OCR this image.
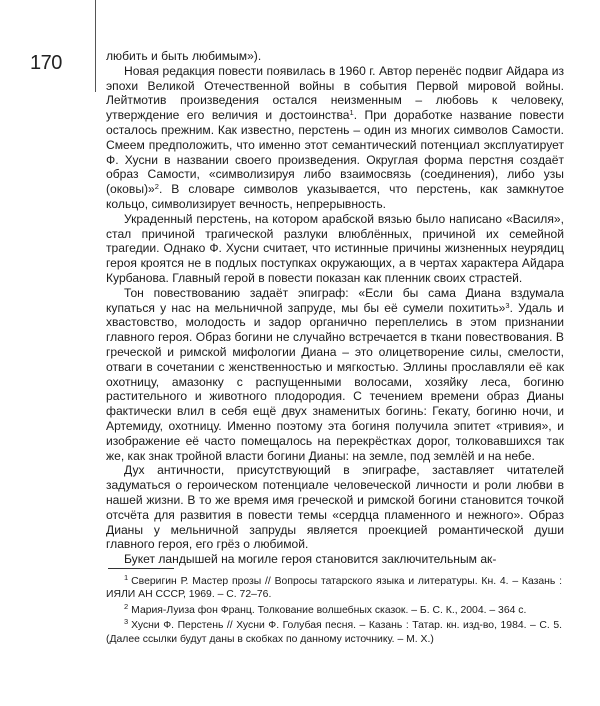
170	любить и быть любимым»).

Новая редакция повести появилась в 1960 г. Автор перенёс подвиг Айдара из эпохи Великой Отечественной войны в события Первой мировой войны. Лейтмотив произведения остался неизменным – любовь к человеку, утверждение его величия и достоинства$^1$. При доработке название повести осталось прежним. Как известно, перстень – один из многих символов Самости. Смеем предположить, что именно этот семантический потенциал эксплуатирует Ф. Хусни в названии своего произведения. Округлая форма перстня создаёт образ Самости, «символизируя либо взаимосвязь (соединения), либо узы (оковы)»$^2$. В словаре символов указывается, что перстень, как замкнутое кольцо, символизирует вечность, непрерывность.

Украденный перстень, на котором арабской вязью было написано «Василя», стал причиной трагической разлуки влюблённых, причиной их семейной трагедии. Однако Ф. Хусни считает, что истинные причины жизненных неурядиц героя кроятся не в подлых поступках окружающих, а в чертах характера Айдара Курбанова. Главный герой в повести показан как пленник своих страстей.

Тон повествованию задаёт эпиграф: «Если бы сама Диана вздумала купаться у нас на мельничной запруде, мы бы её сумели похитить»$^3$. Удаль и хвастовство, молодость и задор органично переплелись в этом признании главного героя. Образ богини не случайно встречается в ткани повествования. В греческой и римской мифологии Диана – это олицетворение силы, смелости, отваги в сочетании с женственностью и мягкостью. Эллины прославляли её как охотницу, амазонку с распущенными волосами, хозяйку леса, богиню растительного и животного плодородия. С течением времени образ Дианы фактически влил в себя ещё двух знаменитых богинь: Гекату, богиню ночи, и Артемиду, охотницу. Именно поэтому эта богиня получила эпитет «тривия», и изображение её часто помещалось на перекрёстках дорог, толковавшихся так же, как знак тройной власти богини Дианы: на земле, под землёй и на небе.

Дух античности, присутствующий в эпиграфе, заставляет читателей задуматься о героическом потенциале человеческой личности и роли любви в нашей жизни. В то же время имя греческой и римской богини становится точкой отсчёта для развития в повести темы «сердца пламенного и нежного». Образ Дианы у мельничной запруды является проекцией романтической души главного героя, его грёз о любимой.

Букет ландышей на могиле героя становится заключительным ак-

$^1$ Сверигин Р. Мастер прозы // Вопросы татарского языка и литературы. Кн. 4. – Казань : ИЯЛИ АН СССР, 1969. – С. 72–76.

$^2$ Мария-Луиза фон Франц. Толкование волшебных сказок. – Б. С. К., 2004. – 364 с.

$^3$ Хусни Ф. Перстень // Хусни Ф. Голубая песня. – Казань : Татар. кн. изд-во, 1984. – С. 5. (Далее ссылки будут даны в скобках по данному источнику. – М. Х.)
